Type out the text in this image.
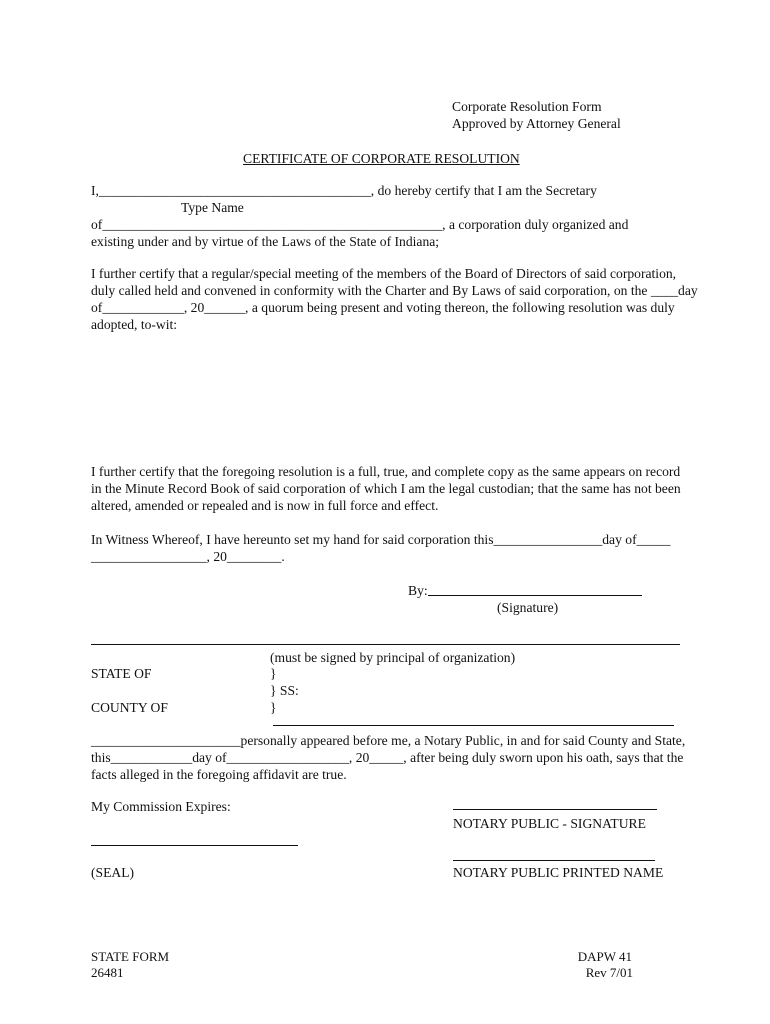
Corporate Resolution Form

Approved by Attorney General

CERTIFICATE OF CORPORATE RESOLUTION

I,________________________________________, do hereby certify that I am the Secretary

Type Name

of__________________________________________________, a corporation duly organized and

existing under and by virtue of the Laws of the State of Indiana;

I further certify that a regular/special meeting of the members of the Board of Directors of said corporation,

duly called held and convened in conformity with the Charter and By Laws of said corporation, on the ____day

of____________, 20______, a quorum being present and voting thereon, the following resolution was duly

adopted, to-wit:

I further certify that the foregoing resolution is a full, true, and complete copy as the same appears on record

in the Minute Record Book of said corporation of which I am the legal custodian; that the same has not been

altered, amended or repealed and is now in full force and effect.

In Witness Whereof, I have hereunto set my hand for said corporation this________________day of_____

_________________, 20________.

By:

(Signature)

(must be signed by principal of organization)

STATE OF	}

} SS:

COUNTY OF	}

______________________personally appeared before me, a Notary Public, in and for said County and State,

this____________day of__________________, 20_____, after being duly sworn upon his oath, says that the

facts alleged in the foregoing affidavit are true.

My Commission Expires:

NOTARY PUBLIC - SIGNATURE

(SEAL)	NOTARY PUBLIC PRINTED NAME

STATE FORM

26481

DAPW 41

Rev 7/01
